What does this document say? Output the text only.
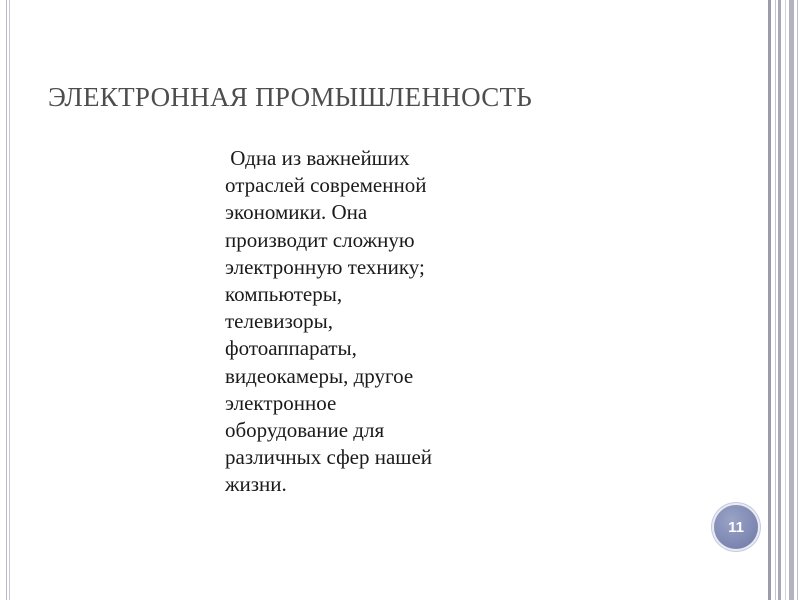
ЭЛЕКТРОННАЯ ПРОМЫШЛЕННОСТЬ
Одна из важнейших
отраслей современной
экономики. Она
производит сложную
электронную технику;
компьютеры,
телевизоры,
фотоаппараты,
видеокамеры, другое
электронное
оборудование для
различных сфер нашей
жизни.
11
